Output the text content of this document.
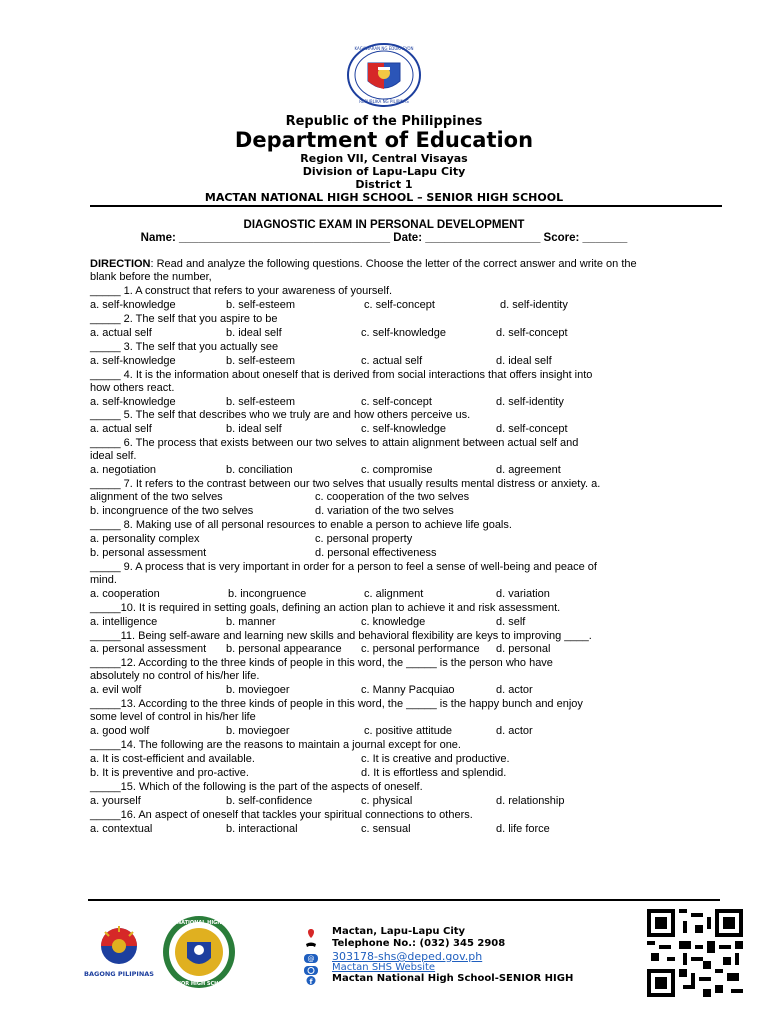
REPUBLIKA NG PILIPINAS
KAGAWARAN NG EDUKASYON
Republic of the Philippines
Department of Education
Region VII, Central Visayas
Division of Lapu-Lapu City
District 1
MACTAN NATIONAL HIGH SCHOOL – SENIOR HIGH SCHOOL
DIAGNOSTIC EXAM IN PERSONAL DEVELOPMENT
Name: _________________________________ Date: __________________ Score: _______
DIRECTION: Read and analyze the following questions. Choose the letter of the correct answer and write on the
blank before the number,
_____ 1. A construct that refers to your awareness of yourself.
a. self-knowledge	b. self-esteem	c. self-concept	d. self-identity
_____ 2. The self that you aspire to be
a. actual self	b. ideal self	c. self-knowledge	d. self-concept
_____ 3. The self that you actually see
a. self-knowledge	b. self-esteem	c. actual self	d. ideal self
_____ 4. It is the information about oneself that is derived from social interactions that offers insight into
how others react.
a. self-knowledge	b. self-esteem	c. self-concept	d. self-identity
_____ 5. The self that describes who we truly are and how others perceive us.
a. actual self	b. ideal self	c. self-knowledge	d. self-concept
_____ 6. The process that exists between our two selves to attain alignment between actual self and
ideal self.
a. negotiation	b. conciliation	c. compromise	d. agreement
_____ 7. It refers to the contrast between our two selves that usually results mental distress or anxiety. a.
alignment of the two selves	c. cooperation of the two selves
b. incongruence of the two selves	d. variation of the two selves
_____ 8. Making use of all personal resources to enable a person to achieve life goals.
a. personality complex	c. personal property
b. personal assessment	d. personal effectiveness
_____ 9. A process that is very important in order for a person to feel a sense of well-being and peace of
mind.
a. cooperation	b. incongruence	c. alignment	d. variation
_____10. It is required in setting goals, defining an action plan to achieve it and risk assessment.
a. intelligence	b. manner	c. knowledge	d. self
_____11. Being self-aware and learning new skills and behavioral flexibility are keys to improving ____.
a. personal assessment b. personal appearance c. personal performance d. personal
_____12. According to the three kinds of people in this word, the _____ is the person who have
absolutely no control of his/her life.
a. evil wolf	b. moviegoer	c. Manny Pacquiao	d. actor
_____13. According to the three kinds of people in this word, the _____ is the happy bunch and enjoy
some level of control in his/her life
a. good wolf	b. moviegoer	c. positive attitude	d. actor
_____14. The following are the reasons to maintain a journal except for one.
a. It is cost-efficient and available.	c. It is creative and productive.
b. It is preventive and pro-active.	d. It is effortless and splendid.
_____15. Which of the following is the part of the aspects of oneself.
a. yourself	b. self-confidence	c. physical	d. relationship
_____16. An aspect of oneself that tackles your spiritual connections to others.
a. contextual	b. interactional	c. sensual	d. life force
BAGONG PILIPINAS
MACTAN NATIONAL HIGH SCHOOL
SENIOR HIGH SCHOOL
Mactan, Lapu-Lapu City
Telephone No.: (032) 345 2908
@ 303178-shs@deped.gov.ph
Mactan SHS Website
f Mactan National High School-SENIOR HIGH
